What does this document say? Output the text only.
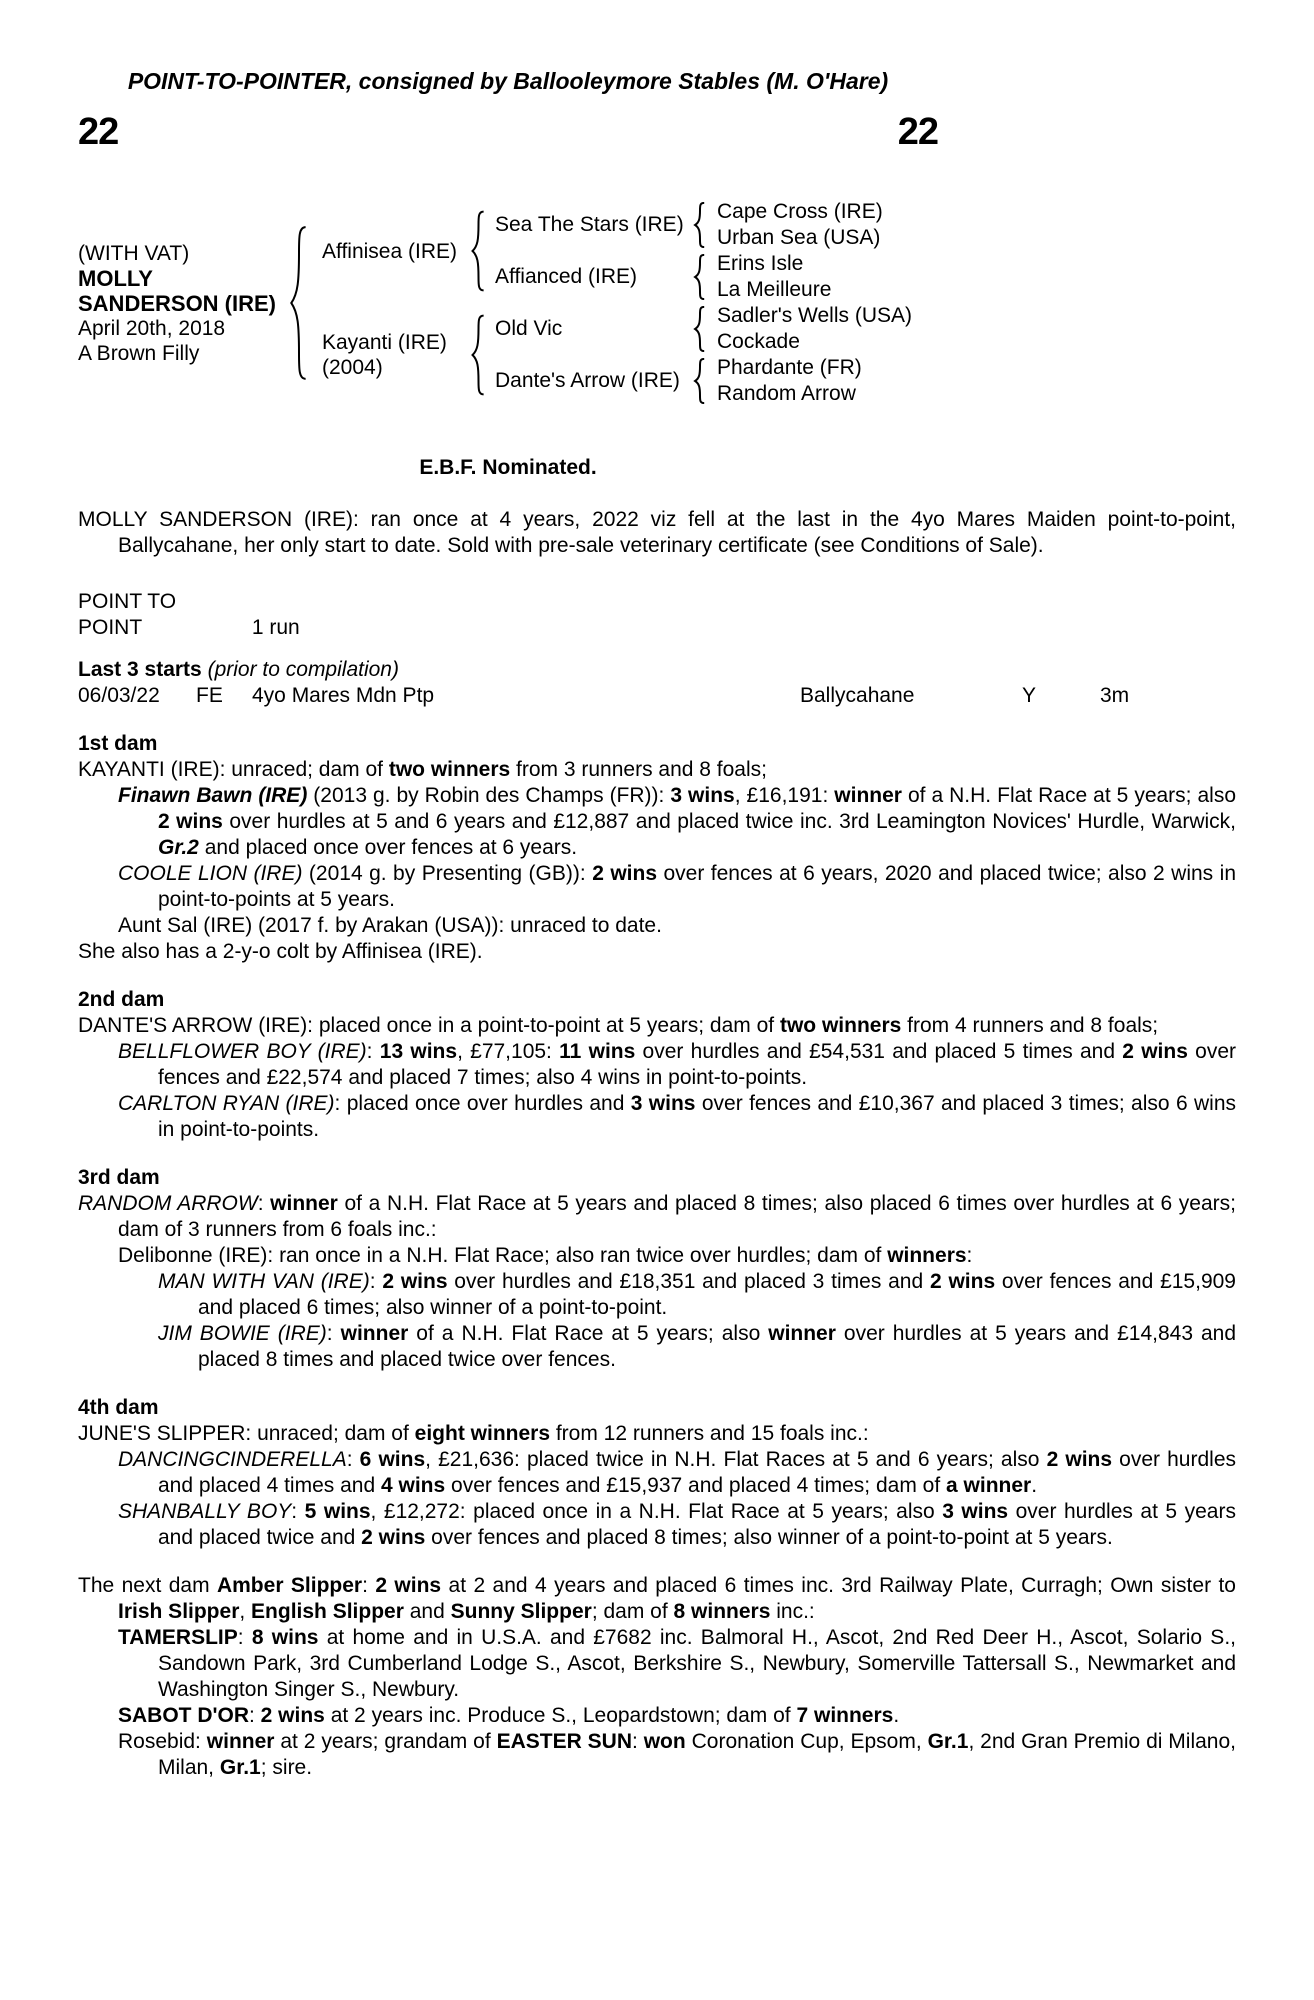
POINT-TO-POINTER, consigned by Ballooleymore Stables (M. O'Hare)
22	22
(WITH VAT)
MOLLY
SANDERSON (IRE)
April 20th, 2018
A Brown Filly
Affinisea (IRE)
Sea The Stars (IRE)
Cape Cross (IRE)
Urban Sea (USA)
Affianced (IRE)
Erins Isle
La Meilleure
Kayanti (IRE)
(2004)
Old Vic
Sadler's Wells (USA)
Cockade
Dante's Arrow (IRE)
Phardante (FR)
Random Arrow
E.B.F. Nominated.
MOLLY SANDERSON (IRE): ran once at 4 years, 2022 viz fell at the last in the 4yo Mares Maiden point-to-point, Ballycahane, her only start to date. Sold with pre-sale veterinary certificate (see Conditions of Sale).
POINT TO POINT	1 run
Last 3 starts (prior to compilation)
06/03/22	FE	4yo Mares Mdn Ptp	Ballycahane	Y	3m
1st dam
KAYANTI (IRE): unraced; dam of two winners from 3 runners and 8 foals;
Finawn Bawn (IRE) (2013 g. by Robin des Champs (FR)): 3 wins, £16,191: winner of a N.H. Flat Race at 5 years; also 2 wins over hurdles at 5 and 6 years and £12,887 and placed twice inc. 3rd Leamington Novices' Hurdle, Warwick, Gr.2 and placed once over fences at 6 years.
COOLE LION (IRE) (2014 g. by Presenting (GB)): 2 wins over fences at 6 years, 2020 and placed twice; also 2 wins in point-to-points at 5 years.
Aunt Sal (IRE) (2017 f. by Arakan (USA)): unraced to date.
She also has a 2-y-o colt by Affinisea (IRE).
2nd dam
DANTE'S ARROW (IRE): placed once in a point-to-point at 5 years; dam of two winners from 4 runners and 8 foals;
BELLFLOWER BOY (IRE): 13 wins, £77,105: 11 wins over hurdles and £54,531 and placed 5 times and 2 wins over fences and £22,574 and placed 7 times; also 4 wins in point-to-points.
CARLTON RYAN (IRE): placed once over hurdles and 3 wins over fences and £10,367 and placed 3 times; also 6 wins in point-to-points.
3rd dam
RANDOM ARROW: winner of a N.H. Flat Race at 5 years and placed 8 times; also placed 6 times over hurdles at 6 years; dam of 3 runners from 6 foals inc.:
Delibonne (IRE): ran once in a N.H. Flat Race; also ran twice over hurdles; dam of winners:
MAN WITH VAN (IRE): 2 wins over hurdles and £18,351 and placed 3 times and 2 wins over fences and £15,909 and placed 6 times; also winner of a point-to-point.
JIM BOWIE (IRE): winner of a N.H. Flat Race at 5 years; also winner over hurdles at 5 years and £14,843 and placed 8 times and placed twice over fences.
4th dam
JUNE'S SLIPPER: unraced; dam of eight winners from 12 runners and 15 foals inc.:
DANCINGCINDERELLA: 6 wins, £21,636: placed twice in N.H. Flat Races at 5 and 6 years; also 2 wins over hurdles and placed 4 times and 4 wins over fences and £15,937 and placed 4 times; dam of a winner.
SHANBALLY BOY: 5 wins, £12,272: placed once in a N.H. Flat Race at 5 years; also 3 wins over hurdles at 5 years and placed twice and 2 wins over fences and placed 8 times; also winner of a point-to-point at 5 years.
The next dam Amber Slipper: 2 wins at 2 and 4 years and placed 6 times inc. 3rd Railway Plate, Curragh; Own sister to Irish Slipper, English Slipper and Sunny Slipper; dam of 8 winners inc.:
TAMERSLIP: 8 wins at home and in U.S.A. and £7682 inc. Balmoral H., Ascot, 2nd Red Deer H., Ascot, Solario S., Sandown Park, 3rd Cumberland Lodge S., Ascot, Berkshire S., Newbury, Somerville Tattersall S., Newmarket and Washington Singer S., Newbury.
SABOT D'OR: 2 wins at 2 years inc. Produce S., Leopardstown; dam of 7 winners.
Rosebid: winner at 2 years; grandam of EASTER SUN: won Coronation Cup, Epsom, Gr.1, 2nd Gran Premio di Milano, Milan, Gr.1; sire.
